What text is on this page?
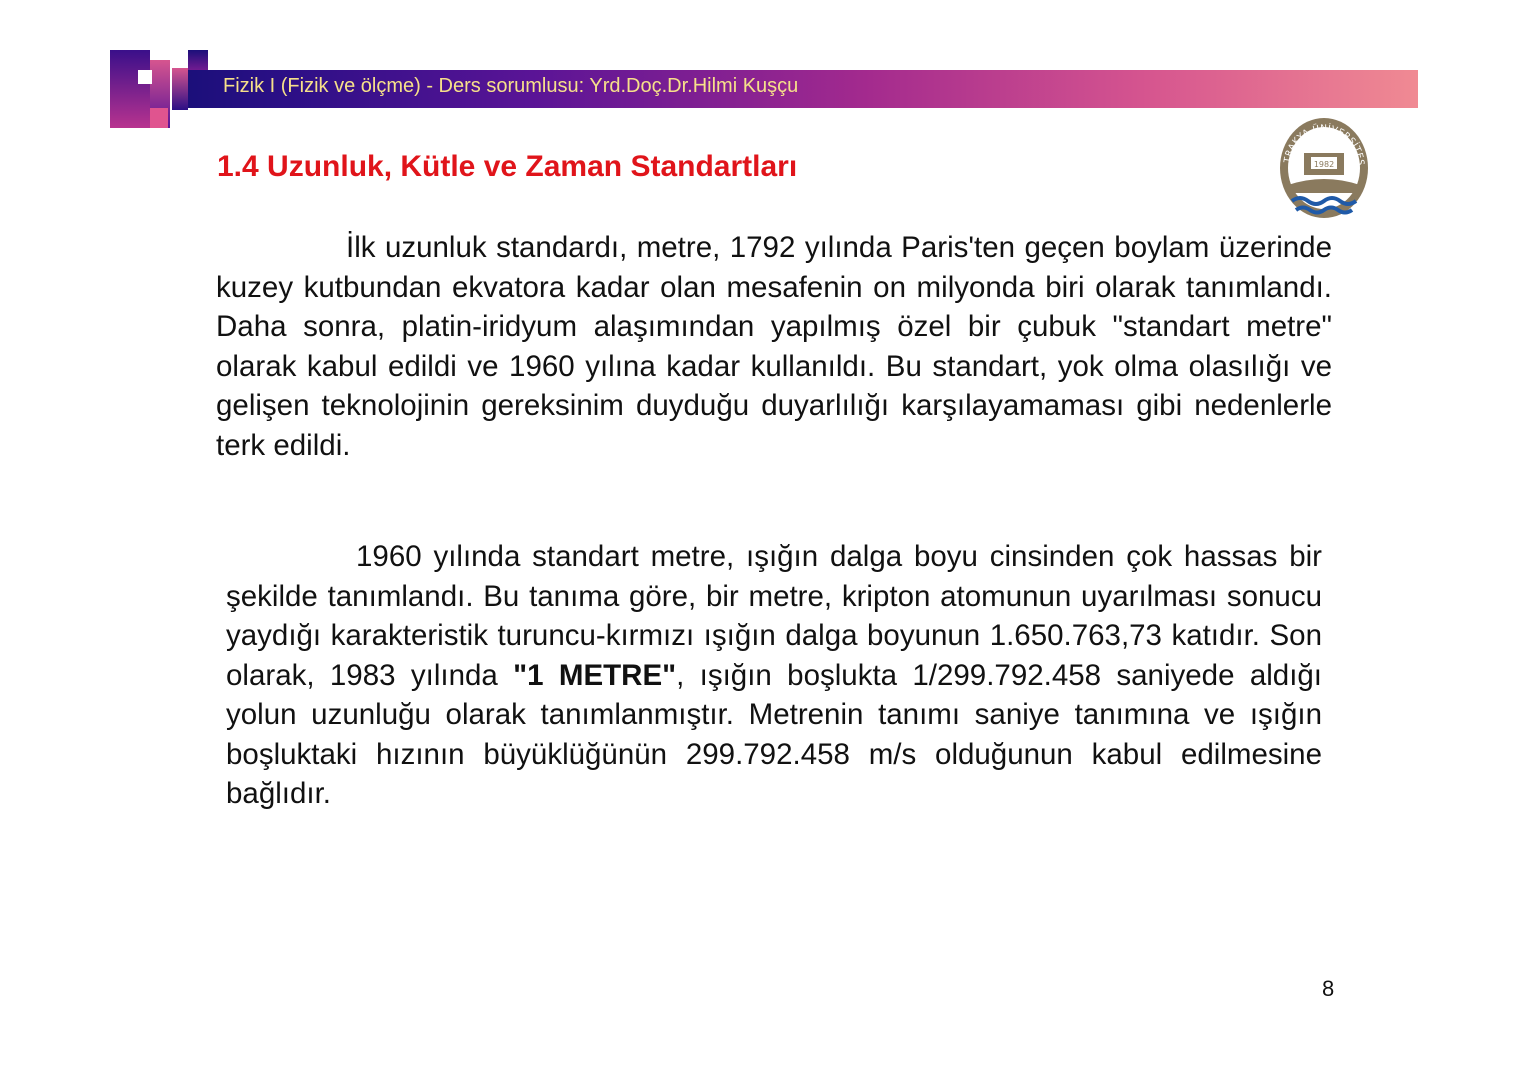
Fizik I (Fizik ve ölçme) - Ders sorumlusu: Yrd.Doç.Dr.Hilmi Kuşçu
TRAKYA ÜNİVERSİTES
1982
1.4 Uzunluk, Kütle ve Zaman Standartları
İlk uzunluk standardı, metre, 1792 yılında Paris'ten geçen boylam üzerinde kuzey kutbundan ekvatora kadar olan mesafenin on milyonda biri olarak tanımlandı. Daha sonra, platin-iridyum alaşımından yapılmış özel bir çubuk "standart metre" olarak kabul edildi ve 1960 yılına kadar kullanıldı. Bu standart, yok olma olasılığı ve gelişen teknolojinin gereksinim duyduğu duyarlılığı karşılayamaması gibi nedenlerle terk edildi.
1960 yılında standart metre, ışığın dalga boyu cinsinden çok hassas bir şekilde tanımlandı. Bu tanıma göre, bir metre, kripton atomunun uyarılması sonucu yaydığı karakteristik turuncu-kırmızı ışığın dalga boyunun 1.650.763,73 katıdır. Son olarak, 1983 yılında "1 METRE", ışığın boşlukta 1/299.792.458 saniyede aldığı yolun uzunluğu olarak tanımlanmıştır. Metrenin tanımı saniye tanımına ve ışığın boşluktaki hızının büyüklüğünün 299.792.458 m/s olduğunun kabul edilmesine bağlıdır.
8
